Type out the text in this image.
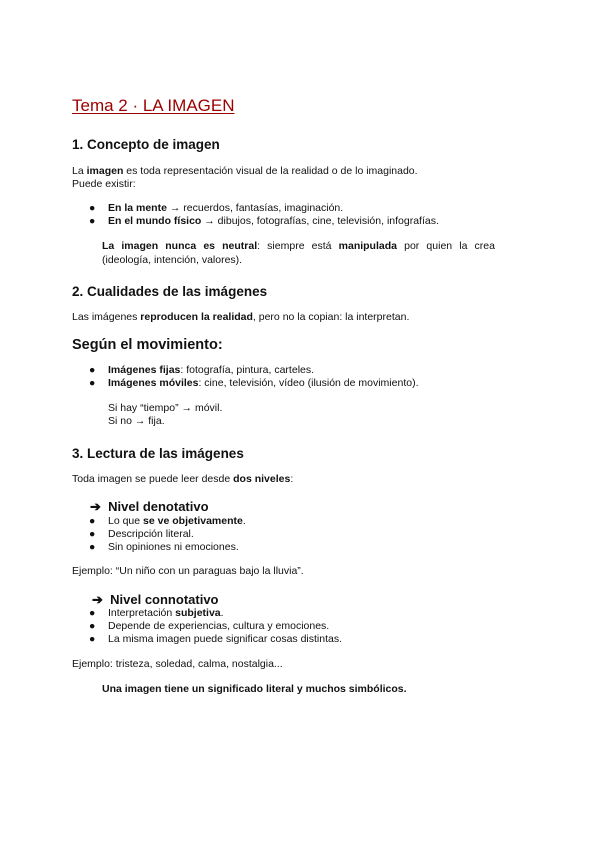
Tema 2 · LA IMAGEN
1. Concepto de imagen
La imagen es toda representación visual de la realidad o de lo imaginado.
Puede existir:
● En la mente → recuerdos, fantasías, imaginación.
● En el mundo físico → dibujos, fotografías, cine, televisión, infografías.
La imagen nunca es neutral: siempre está manipulada por quien la crea (ideología, intención, valores).
2. Cualidades de las imágenes
Las imágenes reproducen la realidad, pero no la copian: la interpretan.
Según el movimiento:
● Imágenes fijas: fotografía, pintura, carteles.
● Imágenes móviles: cine, televisión, vídeo (ilusión de movimiento).
Si hay “tiempo” → móvil.
Si no → fija.
3. Lectura de las imágenes
Toda imagen se puede leer desde dos niveles:
➔ Nivel denotativo
● Lo que se ve objetivamente.
● Descripción literal.
● Sin opiniones ni emociones.
Ejemplo: “Un niño con un paraguas bajo la lluvia”.
➔ Nivel connotativo
● Interpretación subjetiva.
● Depende de experiencias, cultura y emociones.
● La misma imagen puede significar cosas distintas.
Ejemplo: tristeza, soledad, calma, nostalgia...
Una imagen tiene un significado literal y muchos simbólicos.
